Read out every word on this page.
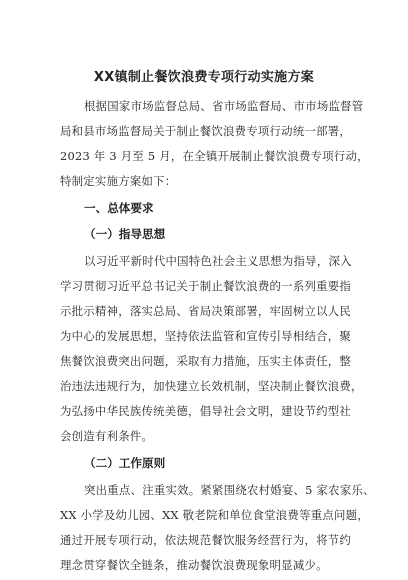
XX镇制止餐饮浪费专项行动实施方案
根据国家市场监督总局、省市场监督局、市市场监督管
局和县市场监督局关于制止餐饮浪费专项行动统一部署，
2023 年 3 月至 5 月，在全镇开展制止餐饮浪费专项行动，
特制定实施方案如下：
一、总体要求
（一）指导思想
以习近平新时代中国特色社会主义思想为指导，深入
学习贯彻习近平总书记关于制止餐饮浪费的一系列重要指
示批示精神，落实总局、省局决策部署，牢固树立以人民
为中心的发展思想，坚持依法监管和宣传引导相结合，聚
焦餐饮浪费突出问题，采取有力措施，压实主体责任，整
治违法违规行为，加快建立长效机制，坚决制止餐饮浪费，
为弘扬中华民族传统美德，倡导社会文明，建设节约型社
会创造有利条件。
（二）工作原则
突出重点、注重实效。紧紧围绕农村婚宴、5 家农家乐、
XX 小学及幼儿园、XX 敬老院和单位食堂浪费等重点问题，
通过开展专项行动，依法规范餐饮服务经营行为，将节约
理念贯穿餐饮全链条，推动餐饮浪费现象明显减少。
